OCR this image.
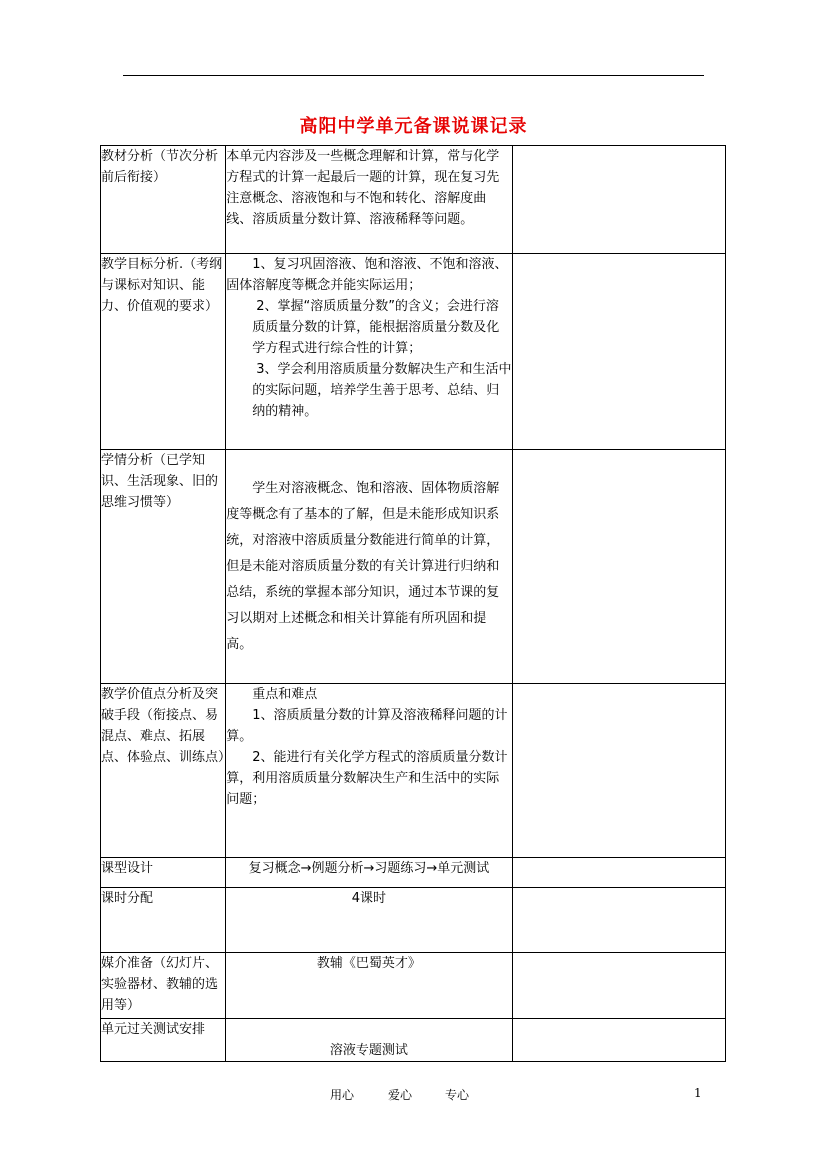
高阳中学单元备课说课记录
教材分析（节次分析前后衔接）	本单元内容涉及一些概念理解和计算，常与化学方程式的计算一起最后一题的计算，现在复习先注意概念、溶液饱和与不饱和转化、溶解度曲线、溶质质量分数计算、溶液稀释等问题。	

教学目标分析.（考纲与课标对知识、能力、价值观的要求）	1、复习巩固溶液、饱和溶液、不饱和溶液、固体溶解度等概念并能实际运用；

2、掌握“溶质质量分数”的含义；会进行溶质质量分数的计算，能根据溶质量分数及化学方程式进行综合性的计算；

3、学会利用溶质质量分数解决生产和生活中的实际问题，培养学生善于思考、总结、归纳的精神。	

学情分析（已学知识、生活现象、旧的思维习惯等）	学生对溶液概念、饱和溶液、固体物质溶解度等概念有了基本的了解，但是未能形成知识系统，对溶液中溶质质量分数能进行简单的计算，但是未能对溶质质量分数的有关计算进行归纳和总结，系统的掌握本部分知识，通过本节课的复习以期对上述概念和相关计算能有所巩固和提高。	

教学价值点分析及突破手段（衔接点、易混点、难点、拓展点、体验点、训练点）	重点和难点

1、溶质质量分数的计算及溶液稀释问题的计算。

2、能进行有关化学方程式的溶质质量分数计算，利用溶质质量分数解决生产和生活中的实际问题；	

课型设计	复习概念→例题分析→习题练习→单元测试	
课时分配	4课时	
媒介准备（幻灯片、实验器材、教辅的选用等）	教辅《巴蜀英才》	
单元过关测试安排	溶液专题测试	
用心	爱心	专心	1
